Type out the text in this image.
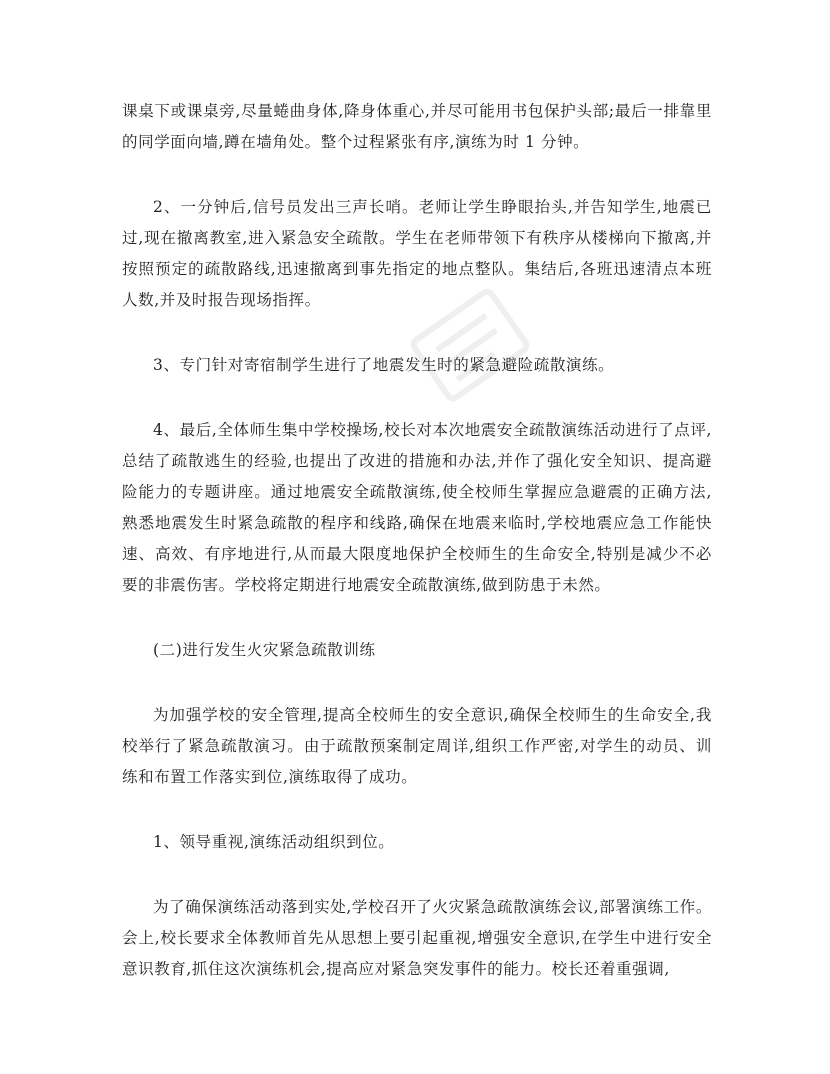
课桌下或课桌旁,尽量蜷曲身体,降身体重心,并尽可能用书包保护头部;最后一排靠里的同学面向墙,蹲在墙角处。整个过程紧张有序,演练为时 1 分钟。

2、一分钟后,信号员发出三声长哨。老师让学生睁眼抬头,并告知学生,地震已过,现在撤离教室,进入紧急安全疏散。学生在老师带领下有秩序从楼梯向下撤离,并按照预定的疏散路线,迅速撤离到事先指定的地点整队。集结后,各班迅速清点本班人数,并及时报告现场指挥。

3、专门针对寄宿制学生进行了地震发生时的紧急避险疏散演练。

4、最后,全体师生集中学校操场,校长对本次地震安全疏散演练活动进行了点评,总结了疏散逃生的经验,也提出了改进的措施和办法,并作了强化安全知识、提高避险能力的专题讲座。通过地震安全疏散演练,使全校师生掌握应急避震的正确方法,熟悉地震发生时紧急疏散的程序和线路,确保在地震来临时,学校地震应急工作能快速、高效、有序地进行,从而最大限度地保护全校师生的生命安全,特别是减少不必要的非震伤害。学校将定期进行地震安全疏散演练,做到防患于未然。

(二)进行发生火灾紧急疏散训练

为加强学校的安全管理,提高全校师生的安全意识,确保全校师生的生命安全,我校举行了紧急疏散演习。由于疏散预案制定周详,组织工作严密,对学生的动员、训练和布置工作落实到位,演练取得了成功。

1、领导重视,演练活动组织到位。

为了确保演练活动落到实处,学校召开了火灾紧急疏散演练会议,部署演练工作。会上,校长要求全体教师首先从思想上要引起重视,增强安全意识,在学生中进行安全意识教育,抓住这次演练机会,提高应对紧急突发事件的能力。校长还着重强调,
